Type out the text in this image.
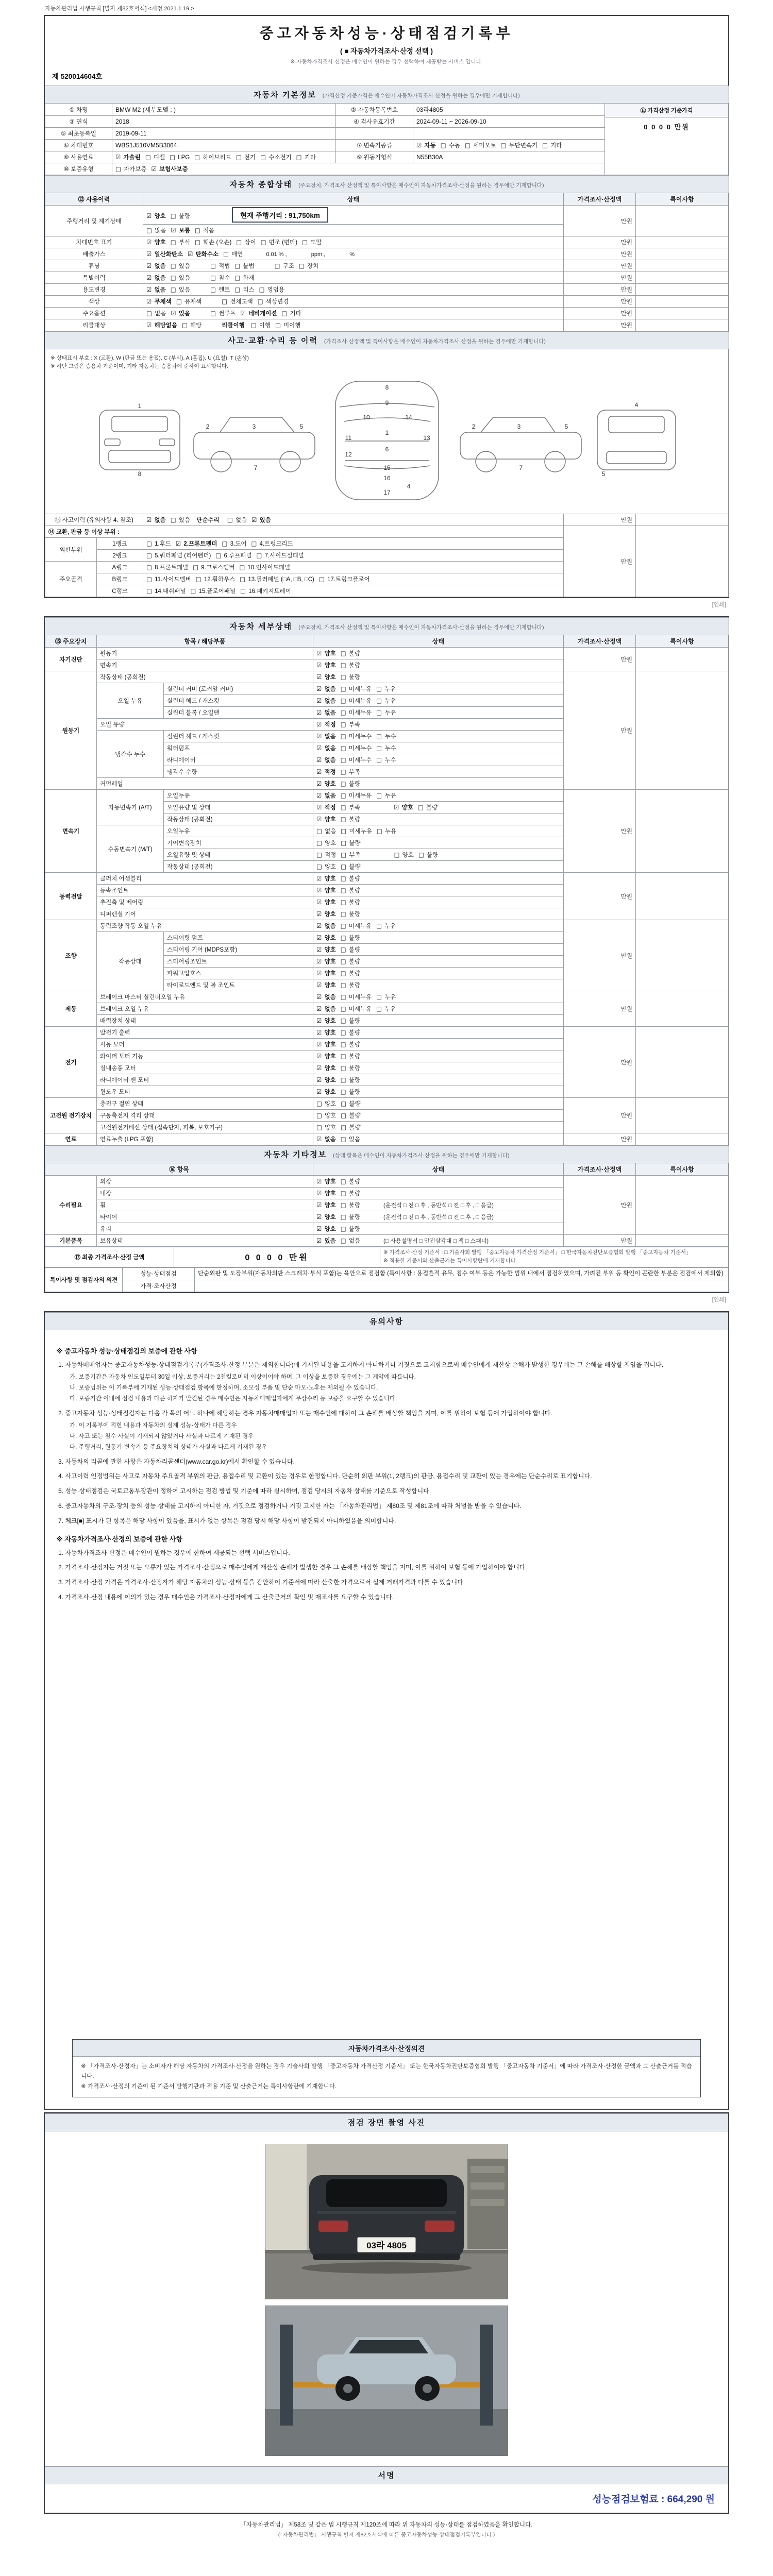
자동차관리법 시행규칙 [별지 제82호서식] <개정 2021.1.19.>
중고자동차성능·상태점검기록부
( ■ 자동차가격조사·산정 선택 )
※ 자동차가격조사·산정은 매수인이 원하는 경우 선택하여 제공받는 서비스 입니다.
제 520014604호
자동차 기본정보 (가격산정 기준가격은 매수인이 자동차가격조사·산정을 원하는 경우에만 기재합니다)				
① 차명	BMW M2 (세부모델 : )	② 자동차등록번호	03라4805	⑪ 가격산정 기준가격
0 0 0 0 만원

③ 연식	2018	④ 검사유효기간	2024-09-11 ~ 2026-09-10	
⑤ 최초등록일	2019-09-11			
⑥ 차대번호	WBS1J510VM5B3064	⑦ 변속기종류	☑ 자동 □ 수동 □ 세미오토 □ 무단변속기 □ 기타	
⑧ 사용연료	☑ 가솔린 □ 디젤 □ LPG □ 하이브리드 □ 전기 □ 수소전기 □ 기타	⑨ 원동기형식	N55B30A	
⑩ 보증유형	□ 자가보증 ☑ 보험사보증			
자동차 종합상태 (주요장치, 가격조사·산정액 및 특이사항은 매수인이 자동차가격조사·산정을 원하는 경우에만 기재합니다)			
⑫ 사용이력	상태	가격조사·산정액	특이사항
주행거리 및 계기상태	☑ 양호 □ 불량 현재 주행거리 : 91,750km	만원	
	□ 많음 ☑ 보통 □ 적음		
차대번호 표기	☑ 양호 □ 부식 □ 훼손 (오손) □ 상이 □ 변조 (변타) □ 도말	만원	
배출가스	☑ 일산화탄소 ☑ 탄화수소 □ 매연 0.01 % ,　　　　 ppm ,　　　　 %	만원	
튜닝	☑ 없음 □ 있음 □ 적법 □ 불법 □ 구조 □ 장치	만원	
특별이력	☑ 없음 □ 있음 □ 침수 □ 화재	만원	
용도변경	☑ 없음 □ 있음 □ 렌트 □ 리스 □ 영업용	만원	
색상	☑ 무채색 □ 유채색 □ 전체도색 □ 색상변경	만원	
주요옵션	□ 없음 ☑ 있음 □ 썬루프 ☑ 네비게이션 □ 기타	만원	
리콜대상	☑ 해당없음 □ 해당 리콜이행 □ 이행 □ 미이행	만원	
사고·교환·수리 등 이력 (가격조사·산정액 및 특이사항은 매수인이 자동차가격조사·산정을 원하는 경우에만 기재합니다)				

※ 상태표시 부호 : X (교환), W (판금 또는 용접), C (부식), A (흠집), U (요철), T (손상)
※ 하단 그림은 승용차 기준이며, 기타 자동차는 승용차에 준하여 표시합니다.
1
8
2	3	5
7
8
9
10	14
1
6
11
12
13
15
16
17
4
2	3	5
7
4
5

⑬ 사고이력 (유의사항 4. 참조)		☑ 없음 □ 있음 단순수리 □ 없음 ☑ 있음	만원	
⑭ 교환, 판금 등 이상 부위 :			만원	
외판부위	1랭크	□ 1.후드 ☑ 2.프론트펜더 □ 3.도어 □ 4.트렁크리드		
	2랭크	□ 5.쿼터패널 (리어펜더) □ 6.루프패널 □ 7.사이드실패널		
주요골격	A랭크	□ 8.프론트패널 □ 9.크로스멤버 □ 10.인사이드패널		
	B랭크	□ 11.사이드멤버 □ 12.휠하우스 □ 13.필러패널 (□A, □B, □C) □ 17.트렁크플로어		
	C랭크	□ 14.대쉬패널 □ 15.플로어패널 □ 16.패키지트레이		
[인쇄]
자동차 세부상태 (주요장치, 가격조사·산정액 및 특이사항은 매수인이 자동차가격조사·산정을 원하는 경우에만 기재합니다)					
⑮ 주요장치	항목 / 해당부품		상태	가격조사·산정액	특이사항
자기진단	원동기		☑ 양호 □ 불량	만원	
	변속기		☑ 양호 □ 불량		
원동기	작동상태 (공회전)		☑ 양호 □ 불량	만원	
	오일 누유	실린더 커버 (로커암 커버)	☑ 없음 □ 미세누유 □ 누유		
		실린더 헤드 / 개스킷	☑ 없음 □ 미세누유 □ 누유		
		실린더 블록 / 오일팬	☑ 없음 □ 미세누유 □ 누유		
	오일 유량		☑ 적정 □ 부족		
	냉각수 누수	실린더 헤드 / 개스킷	☑ 없음 □ 미세누수 □ 누수		
		워터펌프	☑ 없음 □ 미세누수 □ 누수		
		라디에이터	☑ 없음 □ 미세누수 □ 누수		
		냉각수 수량	☑ 적정 □ 부족		
	커먼레일		☑ 양호 □ 불량		
변속기	자동변속기 (A/T)	오일누유	☑ 없음 □ 미세누유 □ 누유	만원	
		오일유량 및 상태	☑ 적정 □ 부족 ☑ 양호 □ 불량		
		작동상태 (공회전)	☑ 양호 □ 불량		
	수동변속기 (M/T)	오일누유	□ 없음 □ 미세누유 □ 누유		
		기어변속장치	□ 양호 □ 불량		
		오일유량 및 상태	□ 적정 □ 부족 □ 양호 □ 불량		
		작동상태 (공회전)	□ 양호 □ 불량		
동력전달	클러치 어셈블리		☑ 양호 □ 불량	만원	
	등속조인트		☑ 양호 □ 불량		
	추진축 및 베어링		☑ 양호 □ 불량		
	디퍼렌셜 기어		☑ 양호 □ 불량		
조향	동력조향 작동 오일 누유		☑ 없음 □ 미세누유 □ 누유	만원	
	작동상태	스티어링 펌프	☑ 양호 □ 불량		
		스티어링 기어 (MDPS포함)	☑ 양호 □ 불량		
		스티어링조인트	☑ 양호 □ 불량		
		파워고압호스	☑ 양호 □ 불량		
		타이로드엔드 및 볼 조인트	☑ 양호 □ 불량		
제동	브레이크 마스터 실린더오일 누유		☑ 없음 □ 미세누유 □ 누유	만원	
	브레이크 오일 누유		☑ 없음 □ 미세누유 □ 누유		
	배력장치 상태		☑ 양호 □ 불량		
전기	발전기 출력		☑ 양호 □ 불량	만원	
	시동 모터		☑ 양호 □ 불량		
	와이퍼 모터 기능		☑ 양호 □ 불량		
	실내송풍 모터		☑ 양호 □ 불량		
	라디에이터 팬 모터		☑ 양호 □ 불량		
	윈도우 모터		☑ 양호 □ 불량		
고전원 전기장치	충전구 절연 상태		□ 양호 □ 불량	만원	
	구동축전지 격리 상태		□ 양호 □ 불량		
	고전원전기배선 상태 (접속단자, 피복, 보호기구)		□ 양호 □ 불량		
연료	연료누출 (LPG 포함)		☑ 없음 □ 있음	만원	
자동차 기타정보 (상태 항목은 매수인이 자동차가격조사·산정을 원하는 경우에만 기재합니다)				
⑯ 항목		상태	가격조사·산정액	특이사항
수리필요	외장	☑ 양호 □ 불량	만원	
	내장	☑ 양호 □ 불량		
	휠	☑ 양호 □ 불량 (운전석 □ 전 □ 후 , 동반석 □ 전 □ 후 , □ 응급)		
	타이어	☑ 양호 □ 불량 (운전석 □ 전 □ 후 , 동반석 □ 전 □ 후 , □ 응급)		
	유리	☑ 양호 □ 불량		
기본품목	보유상태	☑ 있음 □ 없음 (□ 사용설명서 □ 안전삼각대 □ 잭 □ 스패너)	만원	
⑰ 최종 가격조사·산정 금액	0 0 0 0 만원	
※ 가격조사·산정 기준서 : □ 기술사회 발행 「중고자동차 가격산정 기준서」 □ 한국자동차진단보증협회 발행 「중고자동차 기준서」
※ 적용한 기준서와 산출근거는 특이사항란에 기재합니다.
특이사항 및 점검자의 의견	성능·상태점검	단순외판 및 도장부위(자동차외판 스크래치·부식 포함)는 육안으로 점검함 (특이사항 : 용접흔적 유무, 침수 여부 등은 가능한 범위 내에서 점검하였으며, 가려진 부위 등 확인이 곤란한 부분은 점검에서 제외함)
	가격·조사산정	
[인쇄]
유의사항
※ 중고자동차 성능·상태점검의 보증에 관한 사항
1. 자동차매매업자는 중고자동차성능·상태점검기록부(가격조사·산정 부분은 제외합니다)에 기재된 내용을 고지하지 아니하거나 거짓으로 고지함으로써 매수인에게 재산상 손해가 발생한 경우에는 그 손해를 배상할 책임을 집니다.
가. 보증기간은 자동차 인도일부터 30일 이상, 보증거리는 2천킬로미터 이상이어야 하며, 그 이상을 보증한 경우에는 그 계약에 따릅니다.
나. 보증범위는 이 기록부에 기재된 성능·상태점검 항목에 한정하며, 소모성 부품 및 단순 마모·노후는 제외될 수 있습니다.
다. 보증기간 이내에 점검 내용과 다른 하자가 발견된 경우 매수인은 자동차매매업자에게 무상수리 등 보증을 요구할 수 있습니다.
2. 중고자동차 성능·상태점검자는 다음 각 목의 어느 하나에 해당하는 경우 자동차매매업자 또는 매수인에 대하여 그 손해를 배상할 책임을 지며, 이를 위하여 보험 등에 가입하여야 합니다.
가. 이 기록부에 적힌 내용과 자동차의 실제 성능·상태가 다른 경우
나. 사고 또는 침수 사실이 기재되지 않았거나 사실과 다르게 기재된 경우
다. 주행거리, 원동기·변속기 등 주요장치의 상태가 사실과 다르게 기재된 경우
3. 자동차의 리콜에 관한 사항은 자동차리콜센터(www.car.go.kr)에서 확인할 수 있습니다.
4. 사고이력 인정범위는 사고로 자동차 주요골격 부위의 판금, 용접수리 및 교환이 있는 경우로 한정합니다. 단순히 외판 부위(1, 2랭크)의 판금, 용접수리 및 교환이 있는 경우에는 단순수리로 표기합니다.
5. 성능·상태점검은 국토교통부장관이 정하여 고시하는 점검 방법 및 기준에 따라 실시하며, 점검 당시의 자동차 상태를 기준으로 작성합니다.
6. 중고자동차의 구조·장치 등의 성능·상태를 고지하지 아니한 자, 거짓으로 점검하거나 거짓 고지한 자는 「자동차관리법」 제80조 및 제81조에 따라 처벌을 받을 수 있습니다.
7. 체크[■] 표시가 된 항목은 해당 사항이 있음을, 표시가 없는 항목은 점검 당시 해당 사항이 발견되지 아니하였음을 의미합니다.
※ 자동차가격조사·산정의 보증에 관한 사항
1. 자동차가격조사·산정은 매수인이 원하는 경우에 한하여 제공되는 선택 서비스입니다.
2. 가격조사·산정자는 거짓 또는 오류가 있는 가격조사·산정으로 매수인에게 재산상 손해가 발생한 경우 그 손해를 배상할 책임을 지며, 이를 위하여 보험 등에 가입하여야 합니다.
3. 가격조사·산정 가격은 가격조사·산정자가 해당 자동차의 성능·상태 등을 감안하여 기준서에 따라 산출한 가격으로서 실제 거래가격과 다를 수 있습니다.
4. 가격조사·산정 내용에 이의가 있는 경우 매수인은 가격조사·산정자에게 그 산출근거의 확인 및 재조사를 요구할 수 있습니다.
자동차가격조사·산정의견
※ 「가격조사·산정자」는 소비자가 해당 자동차의 가격조사·산정을 원하는 경우 기술사회 발행 「중고자동차 가격산정 기준서」 또는 한국자동차진단보증협회 발행 「중고자동차 기준서」에 따라 가격조사·산정한 금액과 그 산출근거를 적습니다.
※ 가격조사·산정의 기준이 된 기준서 발행기관과 적용 기준 및 산출근거는 특이사항란에 기재합니다.
점검 장면 촬영 사진
03라 4805

서명
성능점검보험료 : 664,290 원
「자동차관리법」 제58조 및 같은 법 시행규칙 제120조에 따라 위 자동차의 성능·상태를 점검하였음을 확인합니다.
(「자동차관리법」 시행규칙 별지 제82호서식에 따른 중고자동차성능·상태점검기록부입니다.)
